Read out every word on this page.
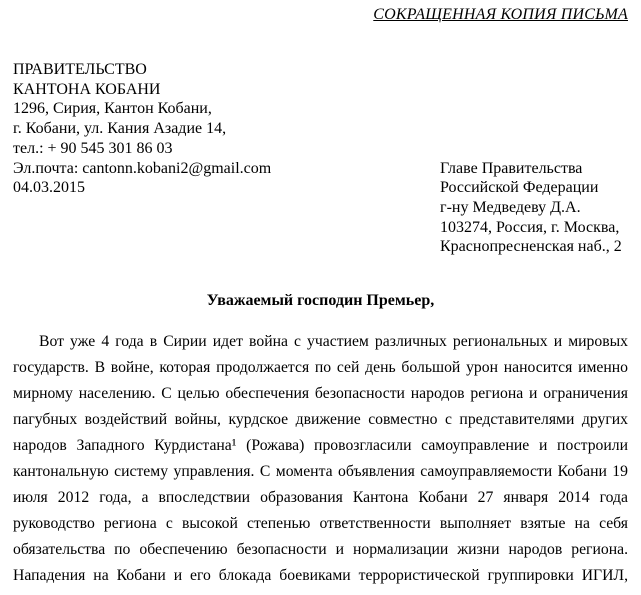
СОКРАЩЕННАЯ КОПИЯ ПИСЬМА
ПРАВИТЕЛЬСТВО
КАНТОНА КОБАНИ
1296, Сирия, Кантон Кобани,
г. Кобани, ул. Кания Азадие 14,
тел.: + 90 545 301 86 03
Эл.почта: cantonn.kobani2@gmail.com
04.03.2015
Главе Правительства
Российской Федерации
г-ну Медведеву Д.А.
103274, Россия, г. Москва,
Краснопресненская наб., 2
Уважаемый господин Премьер,
Вот уже 4 года в Сирии идет война с участием различных региональных и мировых
государств. В войне, которая продолжается по сей день большой урон наносится именно
мирному населению. С целью обеспечения безопасности народов региона и ограничения
пагубных воздействий войны, курдское движение совместно с представителями других
народов Западного Курдистана¹ (Рожава) провозгласили самоуправление и построили
кантональную систему управления. С момента объявления самоуправляемости Кобани 19
июля 2012 года, а впоследствии образования Кантона Кобани 27 января 2014 года
руководство региона с высокой степенью ответственности выполняет взятые на себя
обязательства по обеспечению безопасности и нормализации жизни народов региона.
Нападения на Кобани и его блокада боевиками террористической группировки ИГИЛ,
